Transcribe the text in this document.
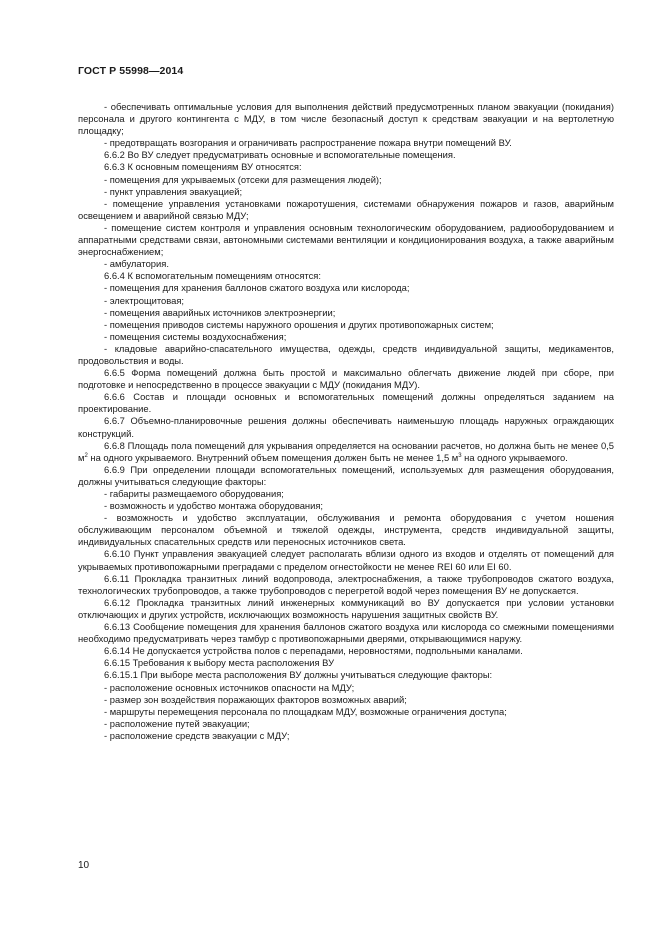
ГОСТ Р 55998—2014

- обеспечивать оптимальные условия для выполнения действий предусмотренных планом эвакуации (покидания) персонала и другого контингента с МДУ, в том числе безопасный доступ к средствам эвакуации и на вертолетную площадку;

- предотвращать возгорания и ограничивать распространение пожара внутри помещений ВУ.

6.6.2 Во ВУ следует предусматривать основные и вспомогательные помещения.

6.6.3 К основным помещениям ВУ относятся:

- помещения для укрываемых (отсеки для размещения людей);

- пункт управления эвакуацией;

- помещение управления установками пожаротушения, системами обнаружения пожаров и газов, аварийным освещением и аварийной связью МДУ;

- помещение систем контроля и управления основным технологическим оборудованием, радиооборудованием и аппаратными средствами связи, автономными системами вентиляции и кондиционирования воздуха, а также аварийным энергоснабжением;

- амбулатория.

6.6.4 К вспомогательным помещениям относятся:

- помещения для хранения баллонов сжатого воздуха или кислорода;

- электрощитовая;

- помещения аварийных источников электроэнергии;

- помещения приводов системы наружного орошения и других противопожарных систем;

- помещения системы воздухоснабжения;

- кладовые аварийно-спасательного имущества, одежды, средств индивидуальной защиты, медикаментов, продовольствия и воды.

6.6.5 Форма помещений должна быть простой и максимально облегчать движение людей при сборе, при подготовке и непосредственно в процессе эвакуации с МДУ (покидания МДУ).

6.6.6 Состав и площади основных и вспомогательных помещений должны определяться заданием на проектирование.

6.6.7 Объемно-планировочные решения должны обеспечивать наименьшую площадь наружных ограждающих конструкций.

6.6.8 Площадь пола помещений для укрывания определяется на основании расчетов, но должна быть не менее 0,5 $м^2$ на одного укрываемого. Внутренний объем помещения должен быть не менее 1,5 $м^3$ на одного укрываемого.

6.6.9 При определении площади вспомогательных помещений, используемых для размещения оборудования, должны учитываться следующие факторы:

- габариты размещаемого оборудования;

- возможность и удобство монтажа оборудования;

- возможность и удобство эксплуатации, обслуживания и ремонта оборудования с учетом ношения обслуживающим персоналом объемной и тяжелой одежды, инструмента, средств индивидуальной защиты, индивидуальных спасательных средств или переносных источников света.

6.6.10 Пункт управления эвакуацией следует располагать вблизи одного из входов и отделять от помещений для укрываемых противопожарными преградами с пределом огнестойкости не менее REI 60 или EI 60.

6.6.11 Прокладка транзитных линий водопровода, электроснабжения, а также трубопроводов сжатого воздуха, технологических трубопроводов, а также трубопроводов с перегретой водой через помещения ВУ не допускается.

6.6.12 Прокладка транзитных линий инженерных коммуникаций во ВУ допускается при условии установки отключающих и других устройств, исключающих возможность нарушения защитных свойств ВУ.

6.6.13 Сообщение помещения для хранения баллонов сжатого воздуха или кислорода со смежными помещениями необходимо предусматривать через тамбур с противопожарными дверями, открывающимися наружу.

6.6.14 Не допускается устройства полов с перепадами, неровностями, подпольными каналами.

6.6.15 Требования к выбору места расположения ВУ

6.6.15.1 При выборе места расположения ВУ должны учитываться следующие факторы:

- расположение основных источников опасности на МДУ;

- размер зон воздействия поражающих факторов возможных аварий;

- маршруты перемещения персонала по площадкам МДУ, возможные ограничения доступа;

- расположение путей эвакуации;

- расположение средств эвакуации с МДУ;

10
